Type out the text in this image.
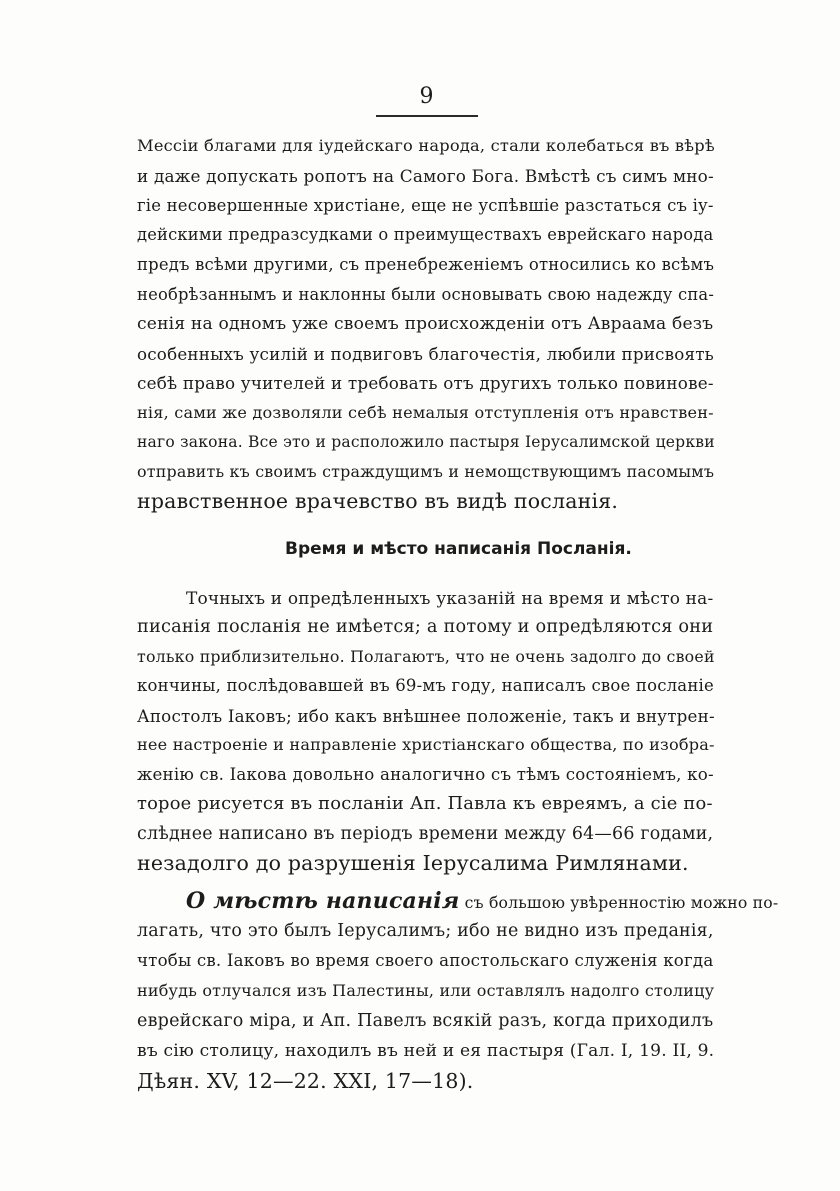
9

Мессіи благами для іудейскаго народа, стали колебаться въ вѣрѣ

и даже допускать ропотъ на Самого Бога. Вмѣстѣ съ симъ мно-

гіе несовершенные христіане, еще не успѣвшіе разстаться съ іу-

дейскими предразсудками о преимуществахъ еврейскаго народа

предъ всѣми другими, съ пренебреженіемъ относились ко всѣмъ

необрѣзаннымъ и наклонны были основывать свою надежду спа-

сенія на одномъ уже своемъ происхожденіи отъ Авраама безъ

особенныхъ усилій и подвиговъ благочестія, любили присвоять

себѣ право учителей и требовать отъ другихъ только повинове-

нія, сами же дозволяли себѣ немалыя отступленія отъ нравствен-

наго закона. Все это и расположило пастыря Іерусалимской церкви

отправить къ своимъ страждущимъ и немощствующимъ пасомымъ

нравственное врачевство въ видѣ посланія.

Время и мѣсто написанія Посланія.

Точныхъ и опредѣленныхъ указаній на время и мѣсто на-

писанія посланія не имѣется; а потому и опредѣляются они

только приблизительно. Полагаютъ, что не очень задолго до своей

кончины, послѣдовавшей въ 69-мъ году, написалъ свое посланіе

Апостолъ Іаковъ; ибо какъ внѣшнее положеніе, такъ и внутрен-

нее настроеніе и направленіе христіанскаго общества, по изобра-

женію св. Іакова довольно аналогично съ тѣмъ состояніемъ, ко-

торое рисуется въ посланіи Ап. Павла къ евреямъ, а сіе по-

слѣднее написано въ періодъ времени между 64—66 годами,

незадолго до разрушенія Іерусалима Римлянами.

О мѣстѣ написанія съ большою увѣренностію можно по-

лагать, что это былъ Іерусалимъ; ибо не видно изъ преданія,

чтобы св. Іаковъ во время своего апостольскаго служенія когда

нибудь отлучался изъ Палестины, или оставлялъ надолго столицу

еврейскаго міра, и Ап. Павелъ всякій разъ, когда приходилъ

въ сію столицу, находилъ въ ней и ея пастыря (Гал. I, 19. II, 9.

Дѣян. XV, 12—22. XXI, 17—18).
